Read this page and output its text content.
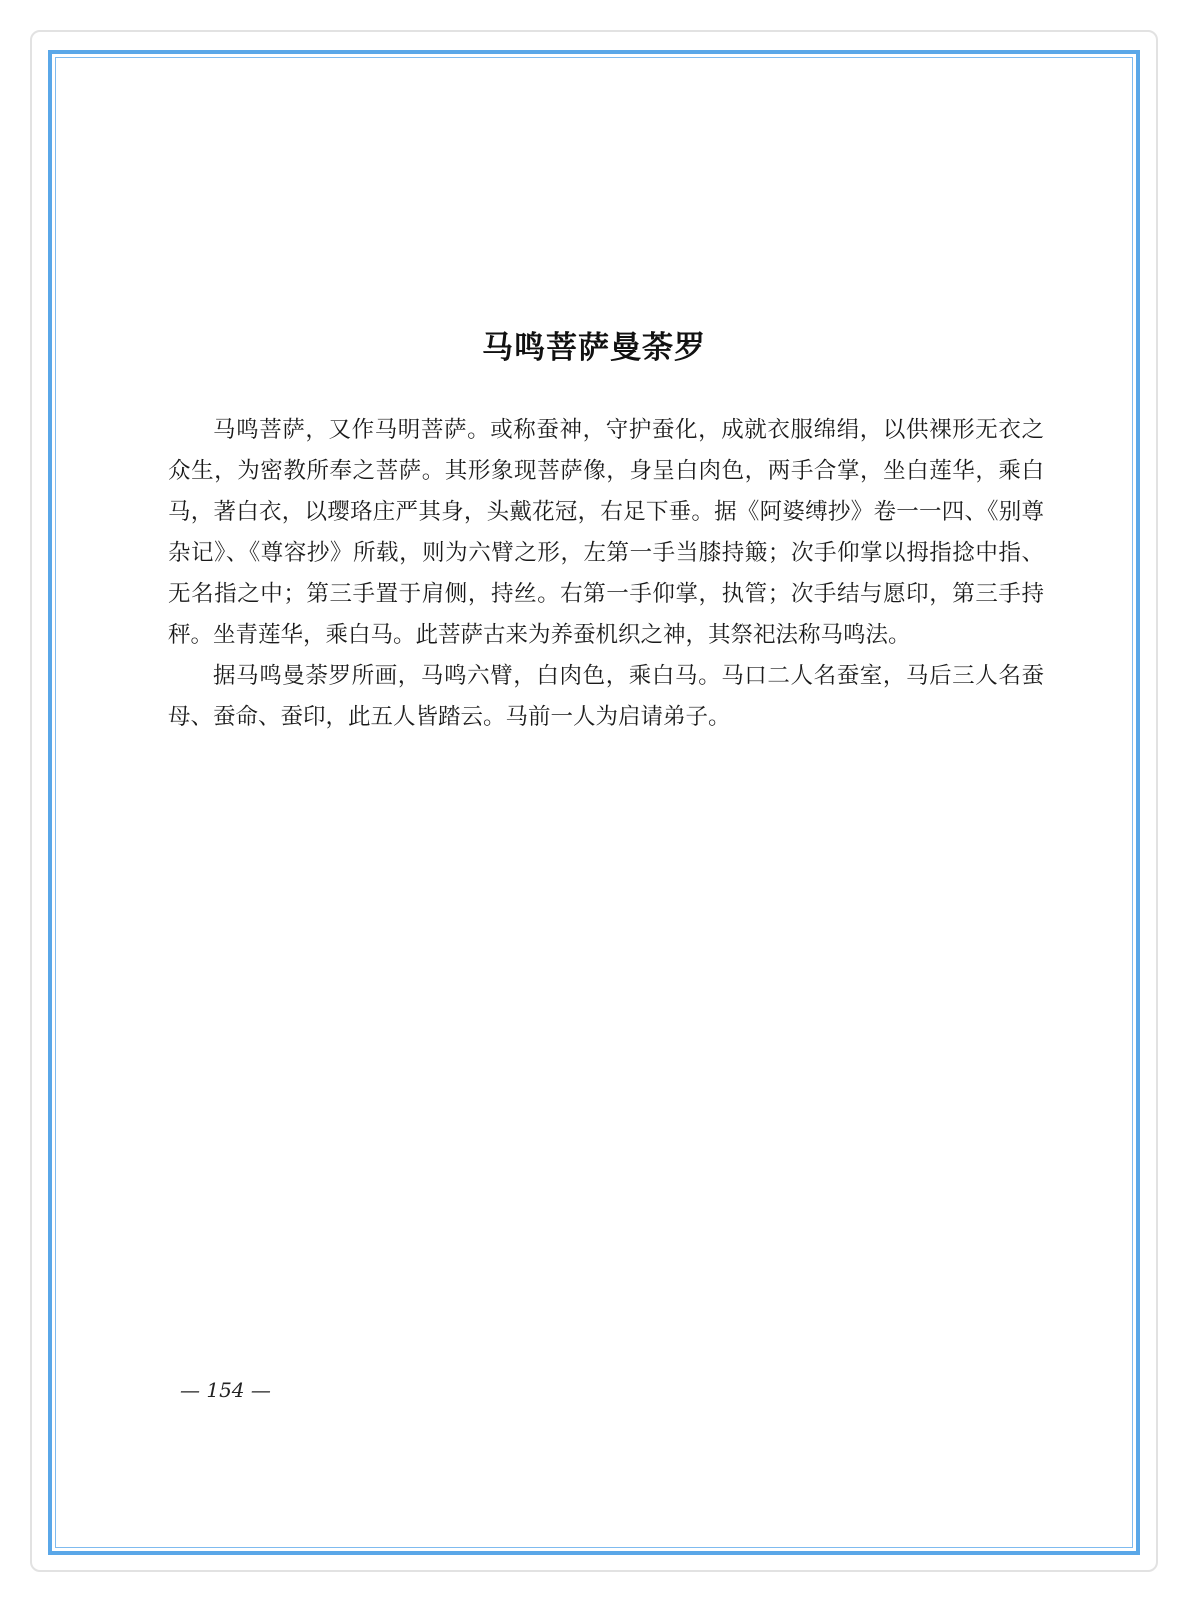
马鸣菩萨曼荼罗

马鸣菩萨，又作马明菩萨。或称蚕神，守护蚕化，成就衣服绵绢，以供裸形无衣之众生，为密教所奉之菩萨。其形象现菩萨像，身呈白肉色，两手合掌，坐白莲华，乘白马，著白衣，以璎珞庄严其身，头戴花冠，右足下垂。据《阿婆缚抄》卷一一四、《别尊杂记》、《尊容抄》所载，则为六臂之形，左第一手当膝持簸；次手仰掌以拇指捻中指、无名指之中；第三手置于肩侧，持丝。右第一手仰掌，执管；次手结与愿印，第三手持秤。坐青莲华，乘白马。此菩萨古来为养蚕机织之神，其祭祀法称马鸣法。

据马鸣曼荼罗所画，马鸣六臂，白肉色，乘白马。马口二人名蚕室，马后三人名蚕母、蚕命、蚕印，此五人皆踏云。马前一人为启请弟子。

— 154 —
